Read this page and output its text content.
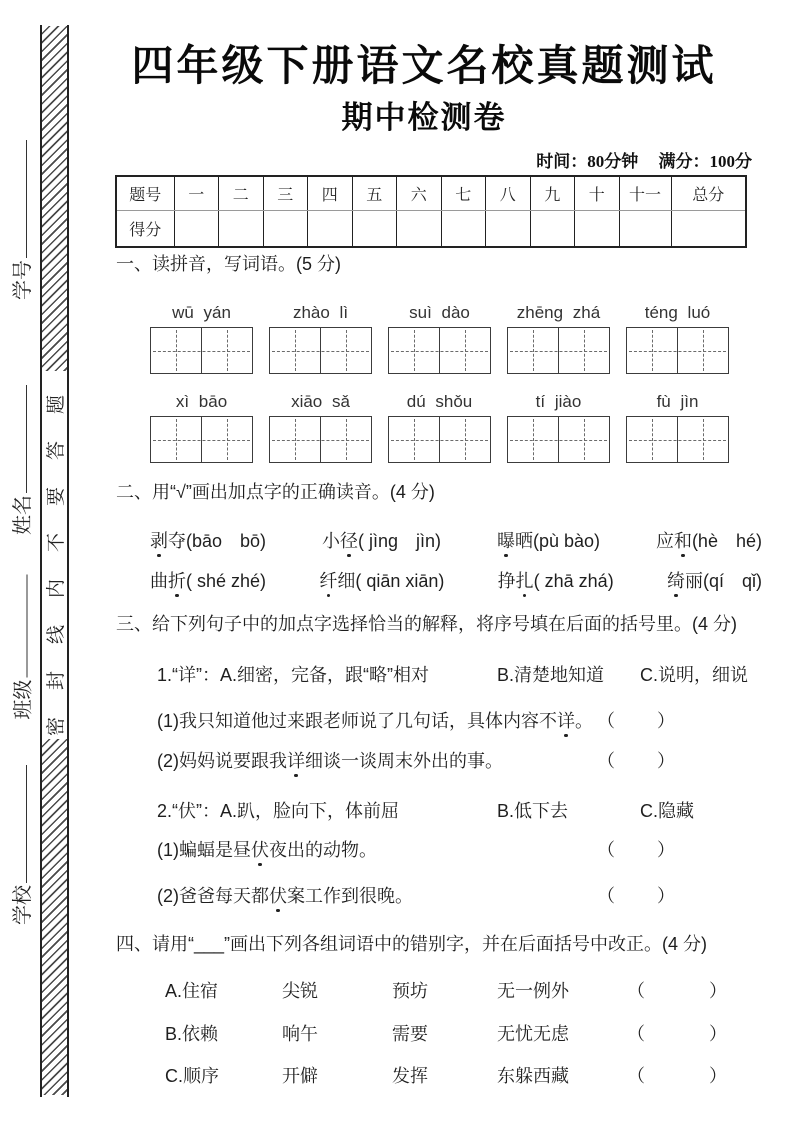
密封线内不要答题
学号
姓名
班级
学校
四年级下册语文名校真题测试
期中检测卷
时间：80分钟 满分：100分
题号	一	二	三	四	五	六	七	八	九	十	十一	总分
得分												
一、读拼音，写词语。(5 分)
wū yán	zhào lì	suì dào	zhēng zhá	téng luó
xì bāo	xiāo sǎ	dú shǒu	tí jiào	fù jìn
二、用“√”画出加点字的正确读音。(4 分)
剥夺(bāo　bō)	小径( jìng　jìn)	曝晒(pù bào)	应和(hè　hé)
曲折( shé zhé)	纤细( qiān xiān)	挣扎( zhā zhá)	绮丽(qí　qǐ)
三、给下列句子中的加点字选择恰当的解释，将序号填在后面的括号里。(4 分)
1.“详”：A.细密，完备，跟“略”相对	B.清楚地知道	C.说明，细说
(1)我只知道他过来跟老师说了几句话，具体内容不详。 （　　）
(2)妈妈说要跟我详细谈一谈周末外出的事。	（　　）
2.“伏”：A.趴，脸向下，体前屈	B.低下去	C.隐藏
(1)蝙蝠是昼伏夜出的动物。	（　　）
(2)爸爸每天都伏案工作到很晚。	（　　）
四、请用“___”画出下列各组词语中的错别字，并在后面括号中改正。(4 分)
A.住宿	尖锐	预坊	无一例外	（	）
B.依赖	响午	需要	无忧无虑	（	）
C.顺序	开僻	发挥	东躲西藏	（	）
